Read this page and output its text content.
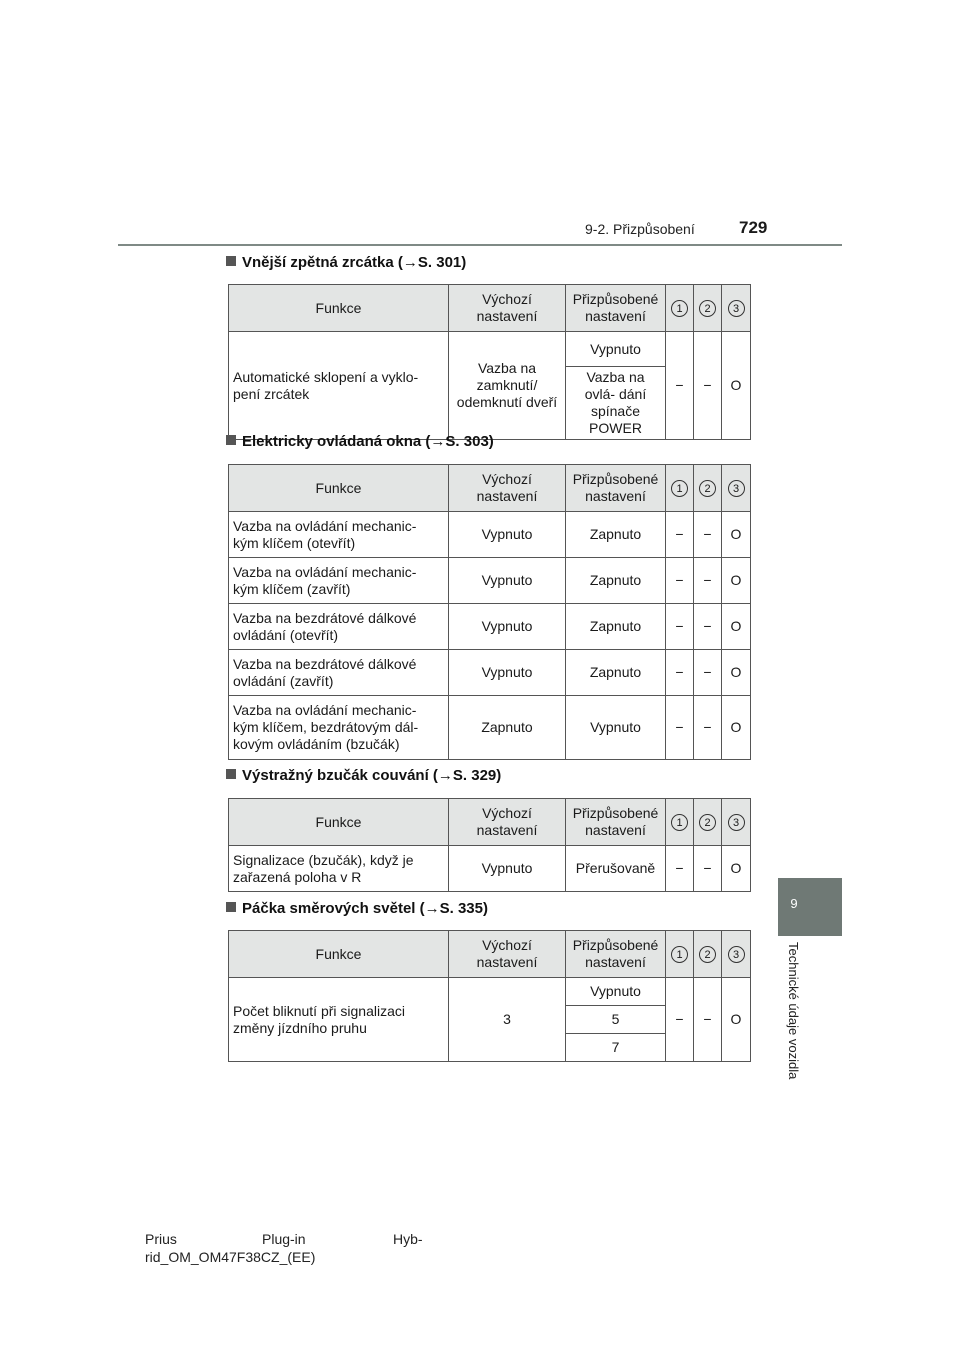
9-2. Přizpůsobení	729
9
Technické údaje vozidla
Vnější zpětná zrcátka (→S. 301)
Funkce	Výchozí nastavení	Přizpůsobené nastavení	1	2	3
Automatické sklopení a vyklo- pení zrcátek	Vazba na zamknutí/ odemknutí dveří	Vypnuto	−	−	O
		Vazba na ovlá- dání spínače POWER			
Elektricky ovládaná okna (→S. 303)
Funkce	Výchozí nastavení	Přizpůsobené nastavení	1	2	3
Vazba na ovládání mechanic- kým klíčem (otevřít)	Vypnuto	Zapnuto	−	−	O
Vazba na ovládání mechanic- kým klíčem (zavřít)	Vypnuto	Zapnuto	−	−	O
Vazba na bezdrátové dálkové ovládání (otevřít)	Vypnuto	Zapnuto	−	−	O
Vazba na bezdrátové dálkové ovládání (zavřít)	Vypnuto	Zapnuto	−	−	O
Vazba na ovládání mechanic- kým klíčem, bezdrátovým dál- kovým ovládáním (bzučák)	Zapnuto	Vypnuto	−	−	O
Výstražný bzučák couvání (→S. 329)
Funkce	Výchozí nastavení	Přizpůsobené nastavení	1	2	3
Signalizace (bzučák), když je zařazená poloha v R	Vypnuto	Přerušovaně	−	−	O
Páčka směrových světel (→S. 335)
Funkce	Výchozí nastavení	Přizpůsobené nastavení	1	2	3
Počet bliknutí při signalizaci změny jízdního pruhu	3	Vypnuto	−	−	O
		5			
		7			
Prius	Plug-in	Hyb-
rid_OM_OM47F38CZ_(EE)
